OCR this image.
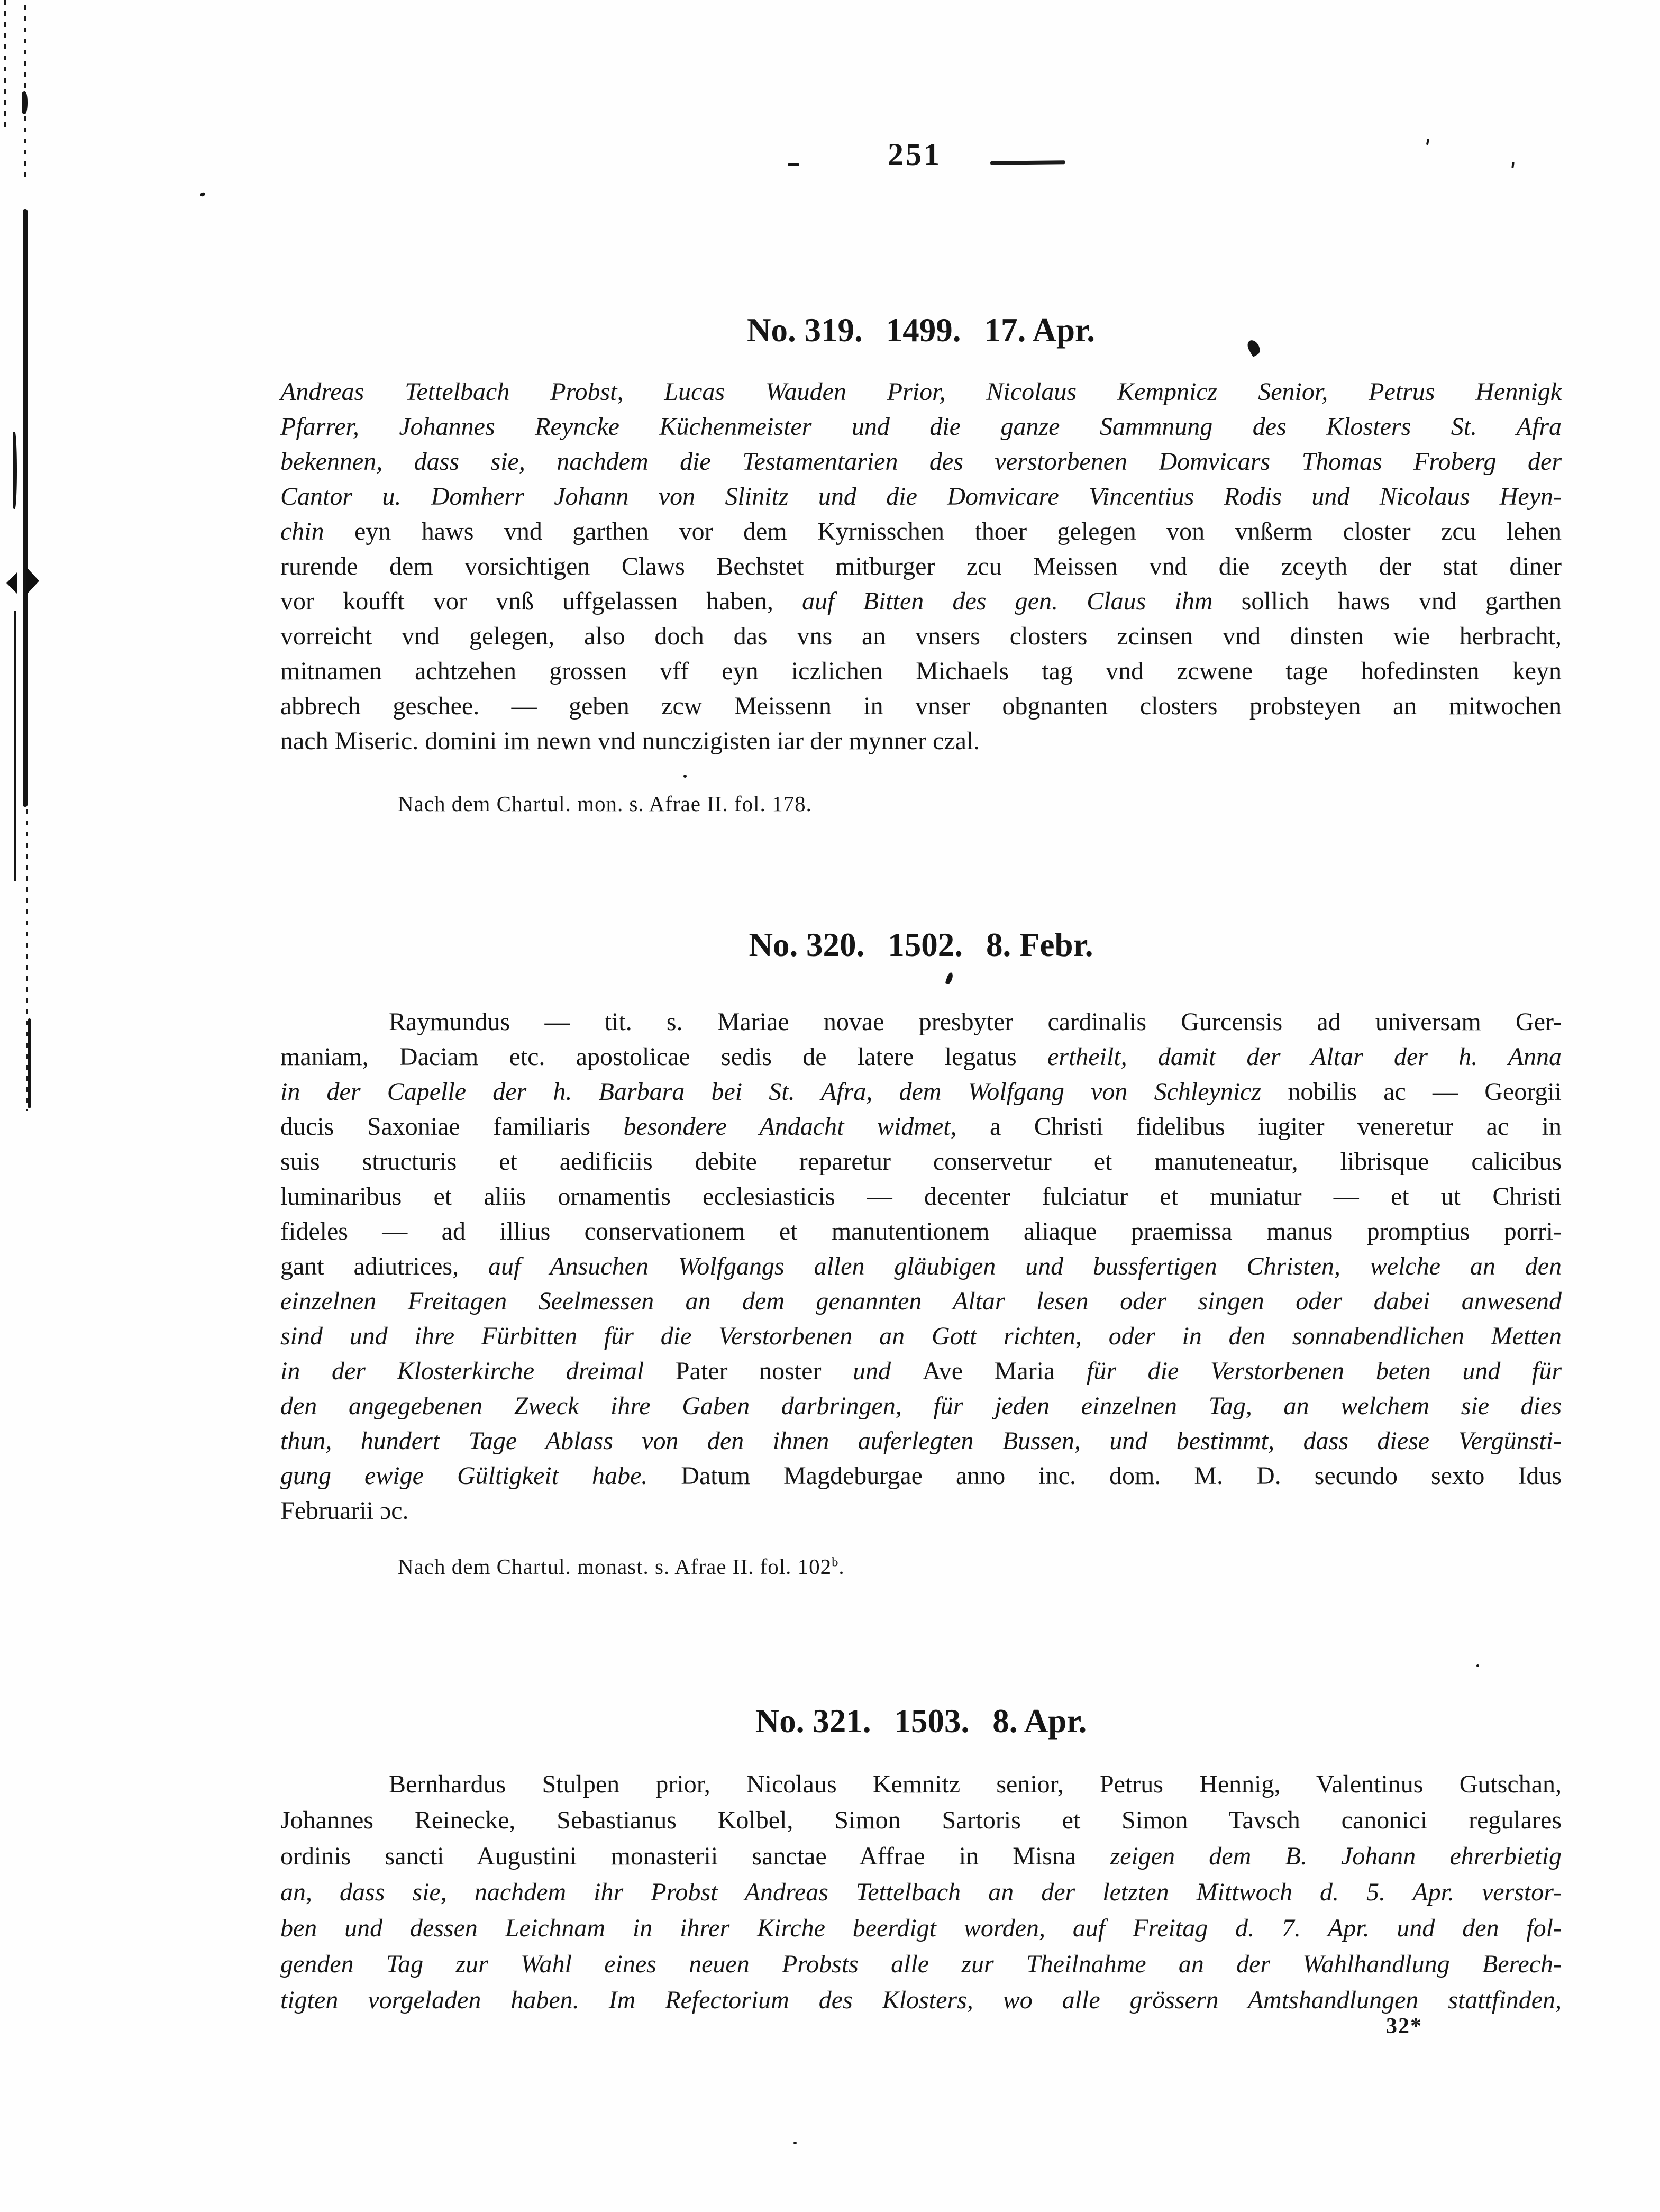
251
No. 319. 1499. 17. Apr.
Andreas Tettelbach Probst, Lucas Wauden Prior, Nicolaus Kempnicz Senior, Petrus Hennigk
Pfarrer, Johannes Reyncke Küchenmeister und die ganze Sammnung des Klosters St. Afra
bekennen, dass sie, nachdem die Testamentarien des verstorbenen Domvicars Thomas Froberg der
Cantor u. Domherr Johann von Slinitz und die Domvicare Vincentius Rodis und Nicolaus Heyn-
chin eyn haws vnd garthen vor dem Kyrnisschen thoer gelegen von vnßerm closter zcu lehen
rurende dem vorsichtigen Claws Bechstet mitburger zcu Meissen vnd die zceyth der stat diner
vor koufft vor vnß uffgelassen haben, auf Bitten des gen. Claus ihm sollich haws vnd garthen
vorreicht vnd gelegen, also doch das vns an vnsers closters zcinsen vnd dinsten wie herbracht,
mitnamen achtzehen grossen vff eyn iczlichen Michaels tag vnd zcwene tage hofedinsten keyn
abbrech geschee. — geben zcw Meissenn in vnser obgnanten closters probsteyen an mitwochen
nach Miseric. domini im newn vnd nunczigisten iar der mynner czal.
Nach dem Chartul. mon. s. Afrae II. fol. 178.
No. 320. 1502. 8. Febr.
Raymundus — tit. s. Mariae novae presbyter cardinalis Gurcensis ad universam Ger-
maniam, Daciam etc. apostolicae sedis de latere legatus ertheilt, damit der Altar der h. Anna
in der Capelle der h. Barbara bei St. Afra, dem Wolfgang von Schleynicz nobilis ac — Georgii
ducis Saxoniae familiaris besondere Andacht widmet, a Christi fidelibus iugiter veneretur ac in
suis structuris et aedificiis debite reparetur conservetur et manuteneatur, librisque calicibus
luminaribus et aliis ornamentis ecclesiasticis — decenter fulciatur et muniatur — et ut Christi
fideles — ad illius conservationem et manutentionem aliaque praemissa manus promptius porri-
gant adiutrices, auf Ansuchen Wolfgangs allen gläubigen und bussfertigen Christen, welche an den
einzelnen Freitagen Seelmessen an dem genannten Altar lesen oder singen oder dabei anwesend
sind und ihre Fürbitten für die Verstorbenen an Gott richten, oder in den sonnabendlichen Metten
in der Klosterkirche dreimal Pater noster und Ave Maria für die Verstorbenen beten und für
den angegebenen Zweck ihre Gaben darbringen, für jeden einzelnen Tag, an welchem sie dies
thun, hundert Tage Ablass von den ihnen auferlegten Bussen, und bestimmt, dass diese Vergünsti-
gung ewige Gültigkeit habe. Datum Magdeburgae anno inc. dom. M. D. secundo sexto Idus
Februarii ɔc.
Nach dem Chartul. monast. s. Afrae II. fol. 102$^b$.
No. 321. 1503. 8. Apr.
Bernhardus Stulpen prior, Nicolaus Kemnitz senior, Petrus Hennig, Valentinus Gutschan,
Johannes Reinecke, Sebastianus Kolbel, Simon Sartoris et Simon Tavsch canonici regulares
ordinis sancti Augustini monasterii sanctae Affrae in Misna zeigen dem B. Johann ehrerbietig
an, dass sie, nachdem ihr Probst Andreas Tettelbach an der letzten Mittwoch d. 5. Apr. verstor-
ben und dessen Leichnam in ihrer Kirche beerdigt worden, auf Freitag d. 7. Apr. und den fol-
genden Tag zur Wahl eines neuen Probsts alle zur Theilnahme an der Wahlhandlung Berech-
tigten vorgeladen haben. Im Refectorium des Klosters, wo alle grössern Amtshandlungen stattfinden,
32*
